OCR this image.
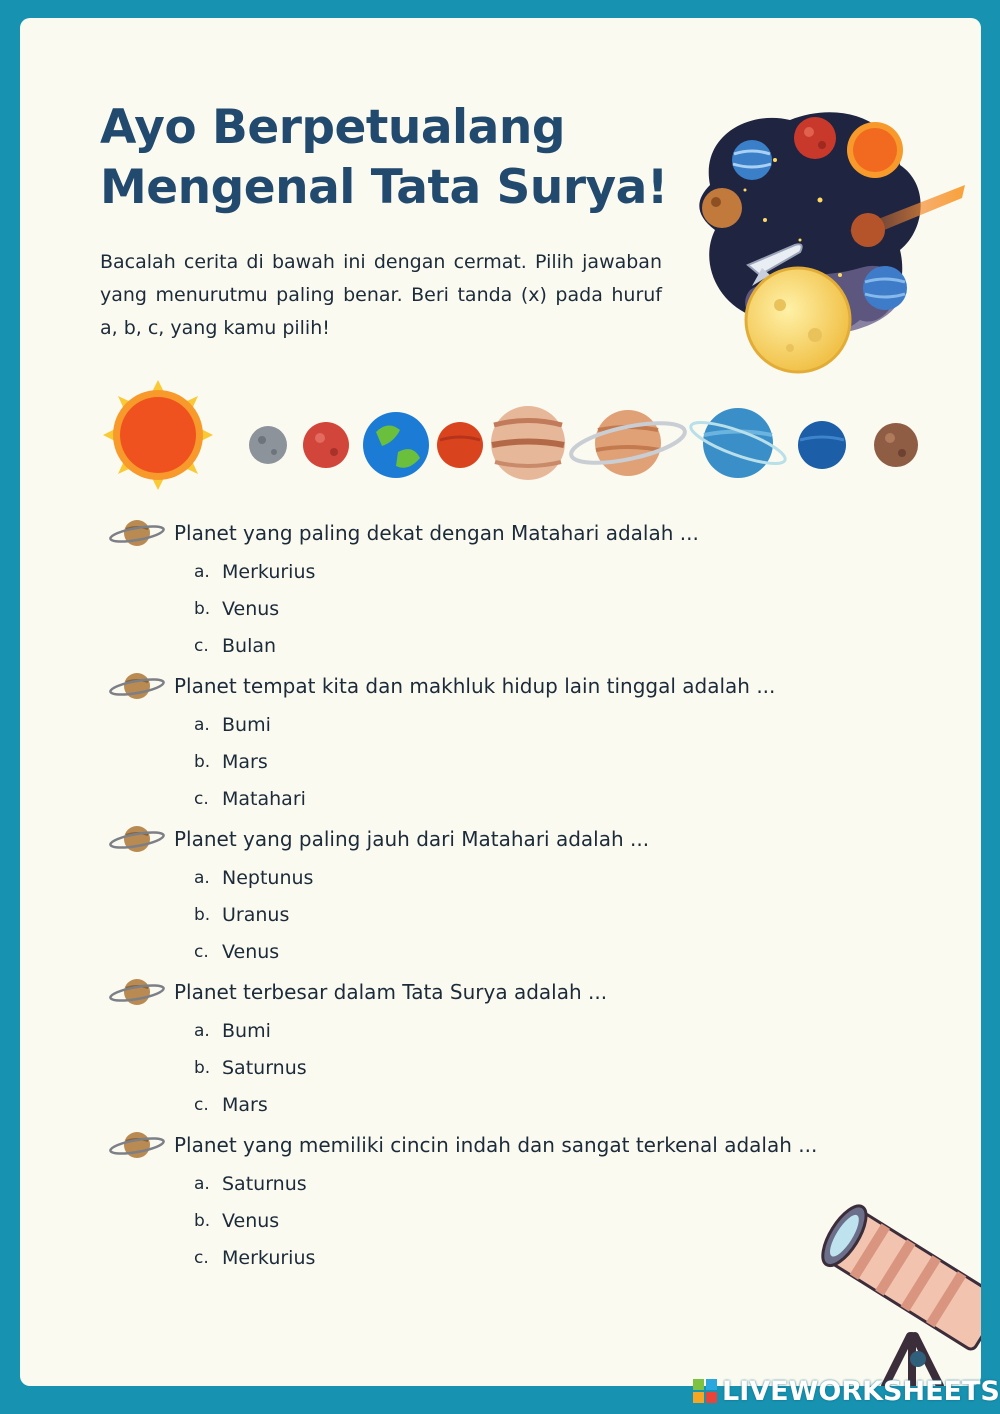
Ayo Berpetualang
Mengenal Tata Surya!

Bacalah cerita di bawah ini dengan cermat. Pilih jawaban yang menurutmu paling benar. Beri tanda (x) pada huruf a, b, c, yang kamu pilih!

Planet yang paling dekat dengan Matahari adalah ...
a. Merkurius
b. Venus
c. Bulan
Planet tempat kita dan makhluk hidup lain tinggal adalah ...
a. Bumi
b. Mars
c. Matahari
Planet yang paling jauh dari Matahari adalah ...
a. Neptunus
b. Uranus
c. Venus
Planet terbesar dalam Tata Surya adalah ...
a. Bumi
b. Saturnus
c. Mars
Planet yang memiliki cincin indah dan sangat terkenal adalah ...
a. Saturnus
b. Venus
c. Merkurius
LIVEWORKSHEETS
